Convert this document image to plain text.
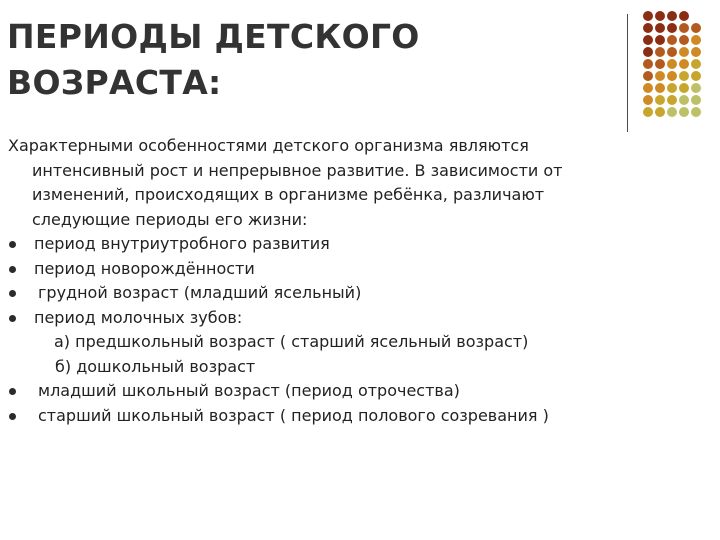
ПЕРИОДЫ ДЕТСКОГО
ВОЗРАСТА:

Характерными особенностями детского организма являются интенсивный рост и непрерывное развитие. В зависимости от изменений, происходящих в организме ребёнка, различают следующие периоды его жизни:

период внутриутробного развития
период новорождённости
грудной возраст (младший ясельный)
период молочных зубов:
а) предшкольный возраст ( старший ясельный возраст)
б) дошкольный возраст
младший школьный возраст (период отрочества)
старший школьный возраст ( период полового созревания )
